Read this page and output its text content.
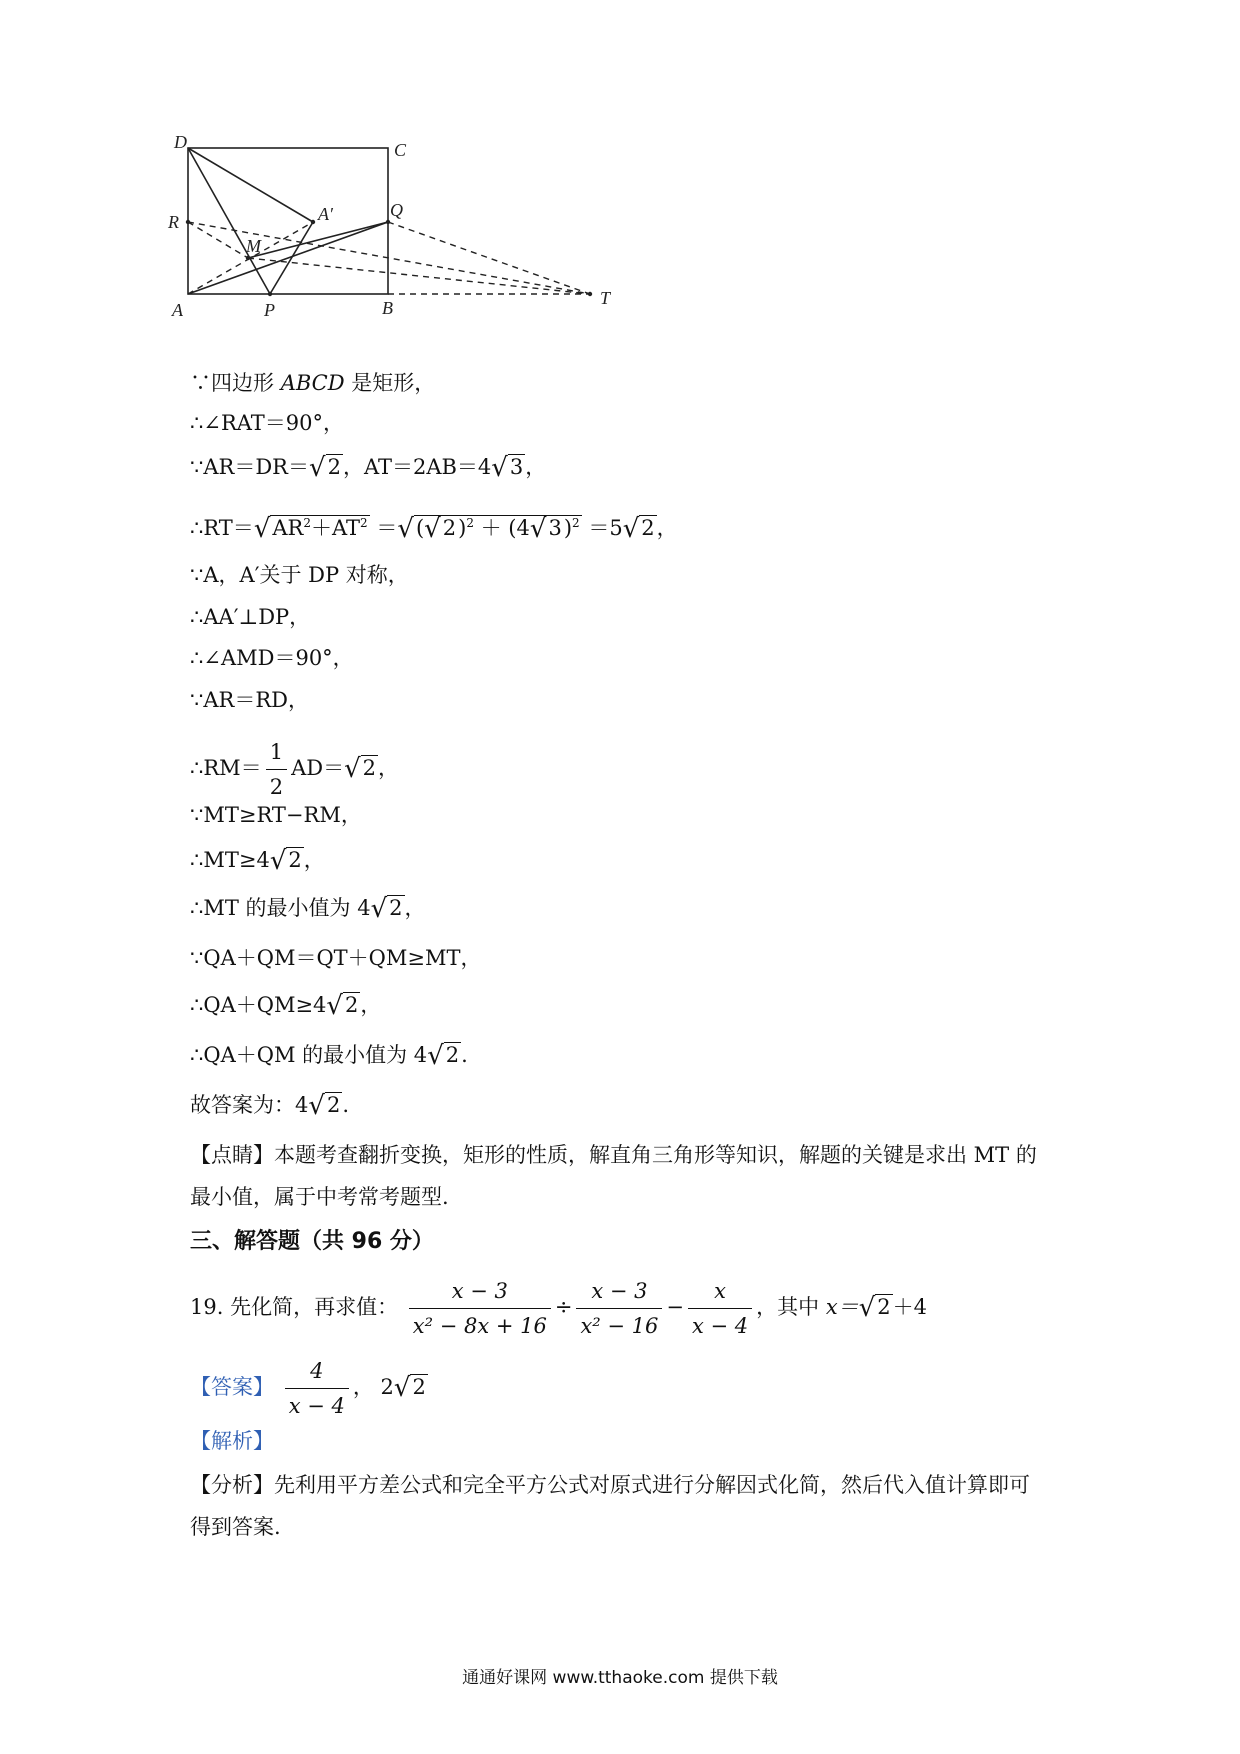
D	C
R	A′	Q
M
A	P	B	T
∵四边形 ABCD 是矩形，
∴∠RAT＝90°，
∵AR＝DR＝√2，AT＝2AB＝4√3，
$\therefore RT=√AR^2+AT^2 =√(√2)^2 + (4√3)^2 =5√2$，
∵A，A′关于 DP 对称，
∴AA′⊥DP，
∴∠AMD＝90°，
∵AR＝RD，
∴RM＝ $\frac{1}{2} AD=√2$，
∵MT≥RT−RM，
∴MT≥4√2，
∴MT 的最小值为 4√2，
∵QA＋QM＝QT＋QM≥MT，
∴QA＋QM≥4√2，
∴QA＋QM 的最小值为 4√2.
故答案为：4√2.
【点睛】本题考查翻折变换，矩形的性质，解直角三角形等知识，解题的关键是求出 MT 的
最小值，属于中考常考题型.
三、解答题（共 96 分）
19. 先化简，再求值： $\frac{x - 3}{\text{x² − 8x + 16}} \div \frac{x - 3}{\text{x² − 16}} - \frac{x}{x - 4}$ ，其中 x＝√2＋4
【答案】 $\frac{4}{x - 4}$ ， 2√2
【解析】
【分析】先利用平方差公式和完全平方公式对原式进行分解因式化简，然后代入值计算即可
得到答案.
通通好课网 www.tthaoke.com 提供下载
